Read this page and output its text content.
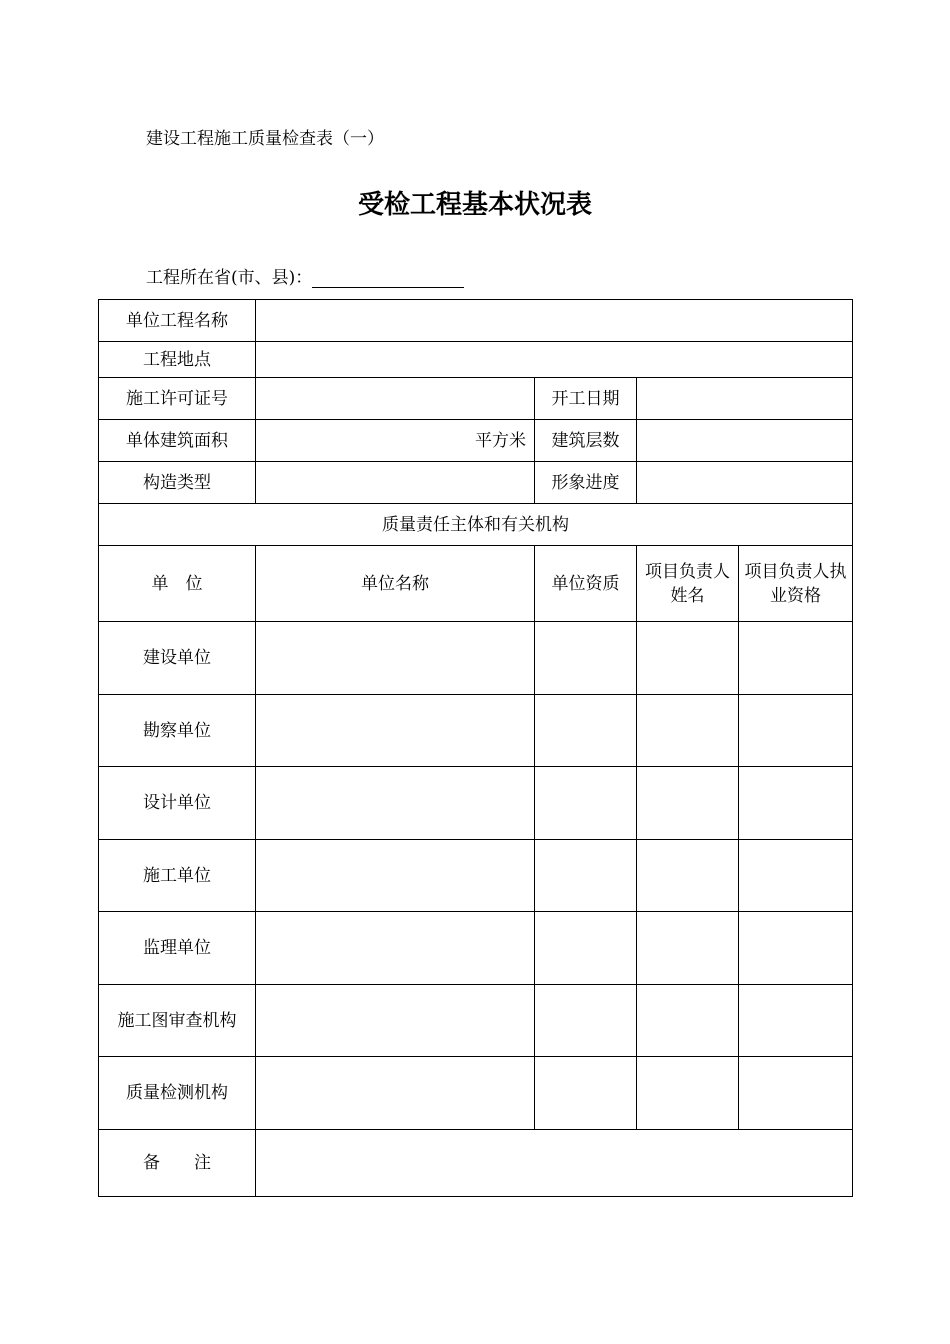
建设工程施工质量检查表（一）
受检工程基本状况表
工程所在省(市、县)：
单位工程名称				
工程地点				
施工许可证号		开工日期		
单体建筑面积	平方米	建筑层数		
构造类型		形象进度		
质量责任主体和有关机构				
单　位	单位名称	单位资质	项目负责人姓名	项目负责人执业资格
建设单位				
勘察单位				
设计单位				
施工单位				
监理单位				
施工图审查机构				
质量检测机构				
备　　注				
